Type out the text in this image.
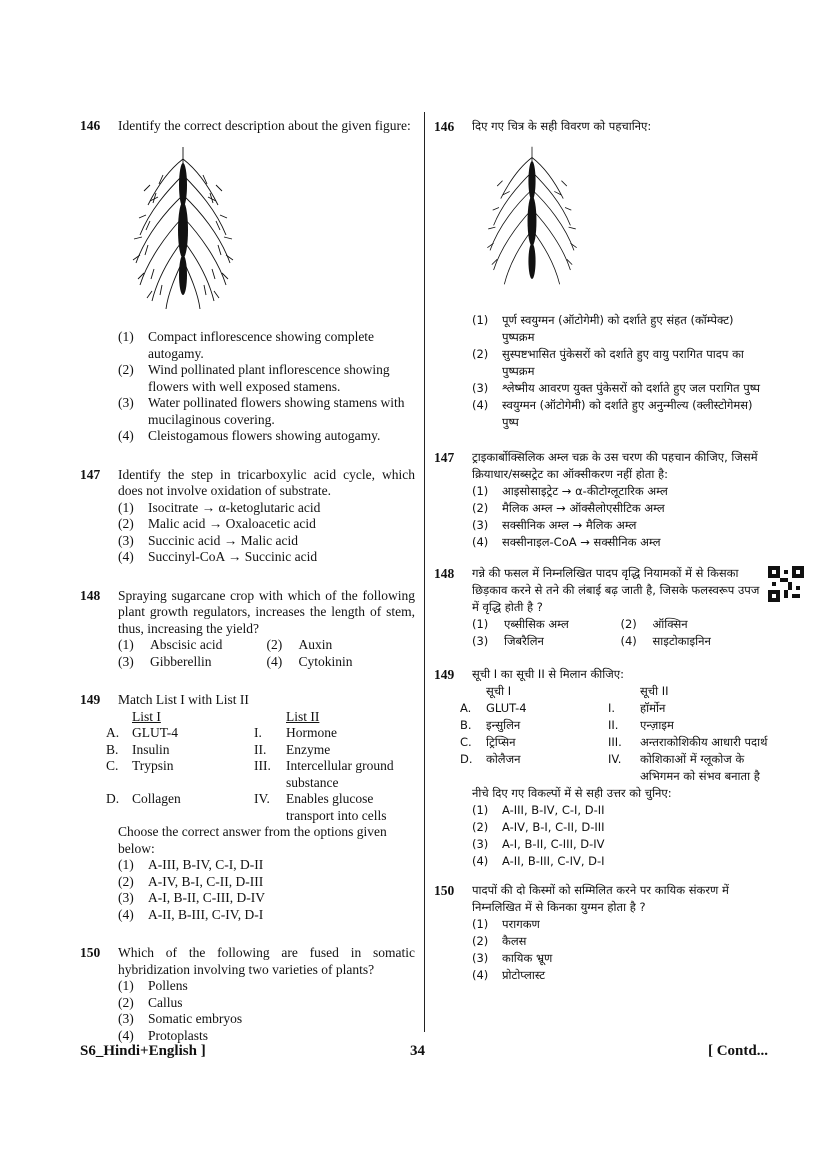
146 Identify the correct description about the given figure:
(1)	Compact inflorescence showing complete autogamy.
(2)	Wind pollinated plant inflorescence showing flowers with well exposed stamens.
(3)	Water pollinated flowers showing stamens with mucilaginous covering.
(4)	Cleistogamous flowers showing autogamy.
147 Identify the step in tricarboxylic acid cycle, which does not involve oxidation of substrate.
(1)	Isocitrate → α-ketoglutaric acid
(2)	Malic acid → Oxaloacetic acid
(3)	Succinic acid → Malic acid
(4)	Succinyl-CoA → Succinic acid
148 Spraying sugarcane crop with which of the following plant growth regulators, increases the length of stem, thus, increasing the yield?
(1)	Abscisic acid	(2)	Auxin
(3)	Gibberellin	(4)	Cytokinin
149 Match List I with List II
List I	List II
A. GLUT-4	I.	Hormone
B.	Insulin	II.	Enzyme
C.	Trypsin	III.	Intercellular ground substance
D. Collagen	IV.	Enables glucose transport into cells
Choose the correct answer from the options given below:
(1)	A-III, B-IV, C-I, D-II
(2)	A-IV, B-I, C-II, D-III
(3)	A-I, B-II, C-III, D-IV
(4)	A-II, B-III, C-IV, D-I
150 Which of the following are fused in somatic hybridization involving two varieties of plants?
(1)	Pollens
(2)	Callus
(3)	Somatic embryos
(4)	Protoplasts
146 दिए गए चित्र के सही विवरण को पहचानिए:
(1)	पूर्ण स्वयुग्मन (ऑटोगेमी) को दर्शाते हुए संहत (कॉम्पेक्ट) पुष्पक्रम
(2)	सुस्पष्टभासित पुंकेसरों को दर्शाते हुए वायु परागित पादप का पुष्पक्रम
(3)	श्लेष्मीय आवरण युक्त पुंकेसरों को दर्शाते हुए जल परागित पुष्प
(4)	स्वयुग्मन (ऑटोगेमी) को दर्शाते हुए अनुन्मील्य (क्लीस्टोगेमस) पुष्प
147 ट्राइकार्बोक्सिलिक अम्ल चक्र के उस चरण की पहचान कीजिए, जिसमें क्रियाधार/सब्सट्रेट का ऑक्सीकरण नहीं होता है:
(1)	आइसोसाइट्रेट → α-कीटोग्लूटारिक अम्ल
(2)	मैलिक अम्ल → ऑक्सैलोएसीटिक अम्ल
(3)	सक्सीनिक अम्ल → मैलिक अम्ल
(4)	सक्सीनाइल-CoA → सक्सीनिक अम्ल
148 गन्ने की फसल में निम्नलिखित पादप वृद्धि नियामकों में से किसका छिड़काव करने से तने की लंबाई बढ़ जाती है, जिसके फलस्वरूप उपज में वृद्धि होती है ?
(1)	एब्सीसिक अम्ल	(2)	ऑक्सिन
(3)	जिबरैलिन	(4)	साइटोकाइनिन
149 सूची I का सूची II से मिलान कीजिए:
सूची I	सूची II
A.	GLUT-4	I.	हॉर्मोन
B.	इन्सुलिन	II.	एन्ज़ाइम
C.	ट्रिप्सिन	III.	अन्तराकोशिकीय आधारी पदार्थ
D.	कोलैजन	IV.	कोशिकाओं में ग्लूकोज के अभिगमन को संभव बनाता है
नीचे दिए गए विकल्पों में से सही उत्तर को चुनिए:
(1)	A-III, B-IV, C-I, D-II
(2)	A-IV, B-I, C-II, D-III
(3)	A-I, B-II, C-III, D-IV
(4)	A-II, B-III, C-IV, D-I
150 पादपों की दो किस्मों को सम्मिलित करने पर कायिक संकरण में निम्नलिखित में से किनका युग्मन होता है ?
(1)	परागकण
(2)	कैलस
(3)	कायिक भ्रूण
(4)	प्रोटोप्लास्ट
S6_Hindi+English ]	34	[ Contd...
